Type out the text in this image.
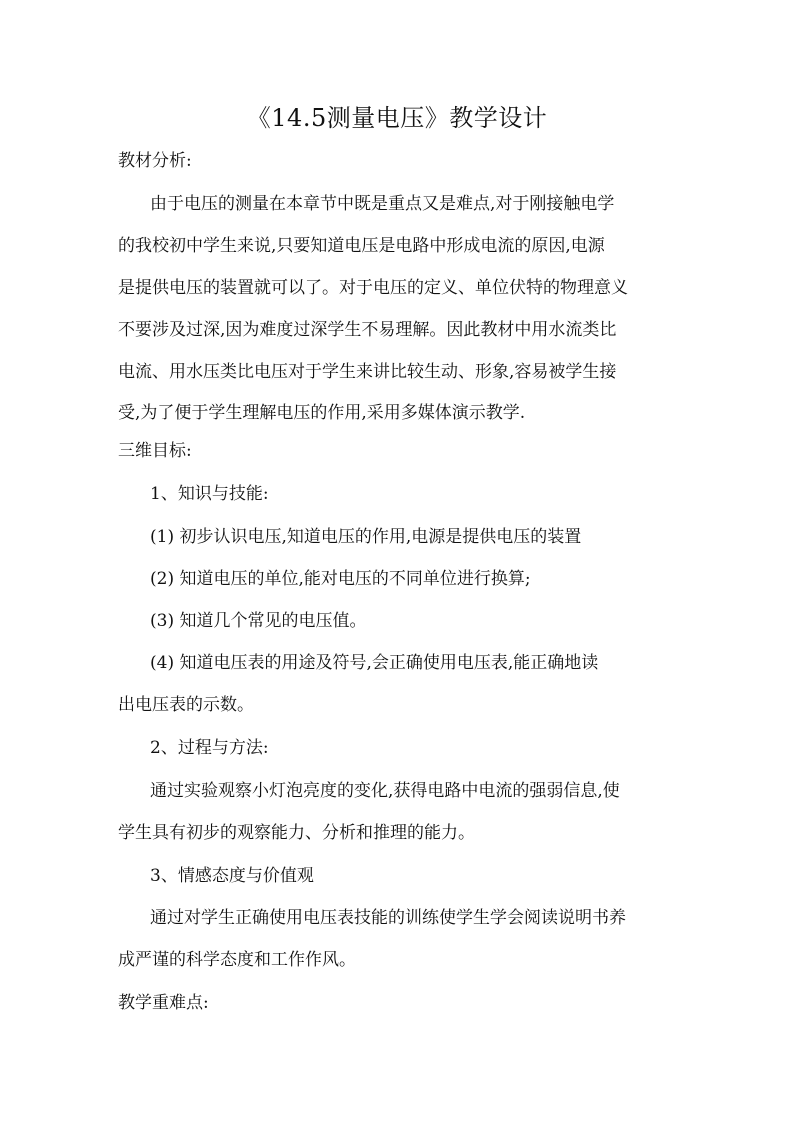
《14.5测量电压》教学设计
教材分析:
由于电压的测量在本章节中既是重点又是难点,对于刚接触电学
的我校初中学生来说,只要知道电压是电路中形成电流的原因,电源
是提供电压的装置就可以了。对于电压的定义、单位伏特的物理意义
不要涉及过深,因为难度过深学生不易理解。因此教材中用水流类比
电流、用水压类比电压对于学生来讲比较生动、形象,容易被学生接
受,为了便于学生理解电压的作用,采用多媒体演示教学.
三维目标:
1、知识与技能:
(1) 初步认识电压,知道电压的作用,电源是提供电压的装置
(2) 知道电压的单位,能对电压的不同单位进行换算;
(3) 知道几个常见的电压值。
(4) 知道电压表的用途及符号,会正确使用电压表,能正确地读
出电压表的示数。
2、过程与方法:
通过实验观察小灯泡亮度的变化,获得电路中电流的强弱信息,使
学生具有初步的观察能力、分析和推理的能力。
3、情感态度与价值观
通过对学生正确使用电压表技能的训练使学生学会阅读说明书养
成严谨的科学态度和工作作风。
教学重难点:
